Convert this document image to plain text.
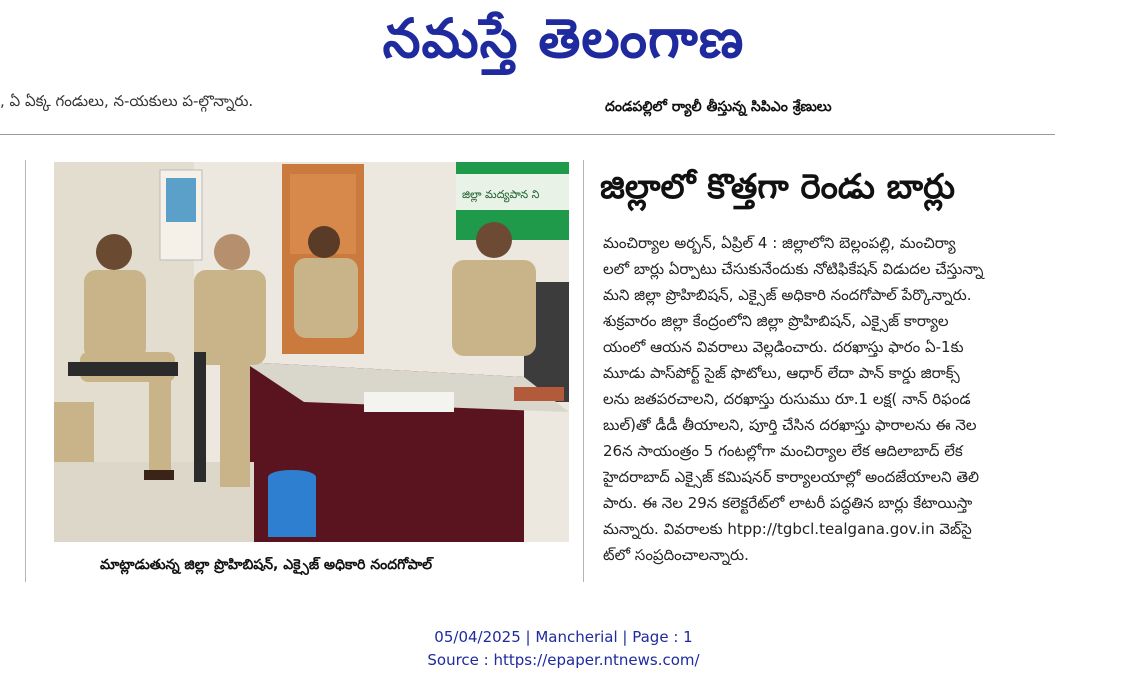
నమస్తే తెలంగాణ
, ఏ ఏక్క గండులు, న-యకులు ప-ల్గొన్నారు.	దండపల్లిలో ర్యాలీ తీస్తున్న సిపిఎం శ్రేణులు
జిల్లా మద్యపాన ని
మాట్లాడుతున్న జిల్లా ప్రొహిబిషన్, ఎక్సైజ్ అధికారి నందగోపాల్
జిల్లాలో కొత్తగా రెండు బార్లు
మంచిర్యాల అర్బన్, ఏప్రిల్ 4 : జిల్లాలోని బెల్లంపల్లి, మంచిర్యా
లలో బార్లు ఏర్పాటు చేసుకునేందుకు నోటిఫికేషన్ విడుదల చేస్తున్నా
మని జిల్లా ప్రొహిబిషన్, ఎక్సైజ్ అధికారి నందగోపాల్ పేర్కొన్నారు.
శుక్రవారం జిల్లా కేంద్రంలోని జిల్లా ప్రొహిబిషన్, ఎక్సైజ్ కార్యాల
యంలో ఆయన వివరాలు వెల్లడించారు. దరఖాస్తు ఫారం ఏ-1కు
మూడు పాస్‌పోర్ట్ సైజ్ ఫొటోలు, ఆధార్ లేదా పాన్ కార్డు జిరాక్స్
లను జతపరచాలని, దరఖాస్తు రుసుము రూ.1 లక్ష( నాన్ రిఫండ
బుల్)తో డీడీ తీయాలని, పూర్తి చేసిన దరఖాస్తు ఫారాలను ఈ నెల
26న సాయంత్రం 5 గంటల్లోగా మంచిర్యాల లేక ఆదిలాబాద్ లేక
హైదరాబాద్ ఎక్సైజ్ కమిషనర్ కార్యాలయాల్లో అందజేయాలని తెలి
పారు. ఈ నెల 29న కలెక్టరేట్‌లో లాటరీ పద్ధతిన బార్లు కేటాయిస్తా
మన్నారు. వివరాలకు htpp://tgbcl.tealgana.gov.in వెబ్‌సై
ట్‌లో సంప్రదించాలన్నారు.
05/04/2025 | Mancherial | Page : 1
Source : https://epaper.ntnews.com/
